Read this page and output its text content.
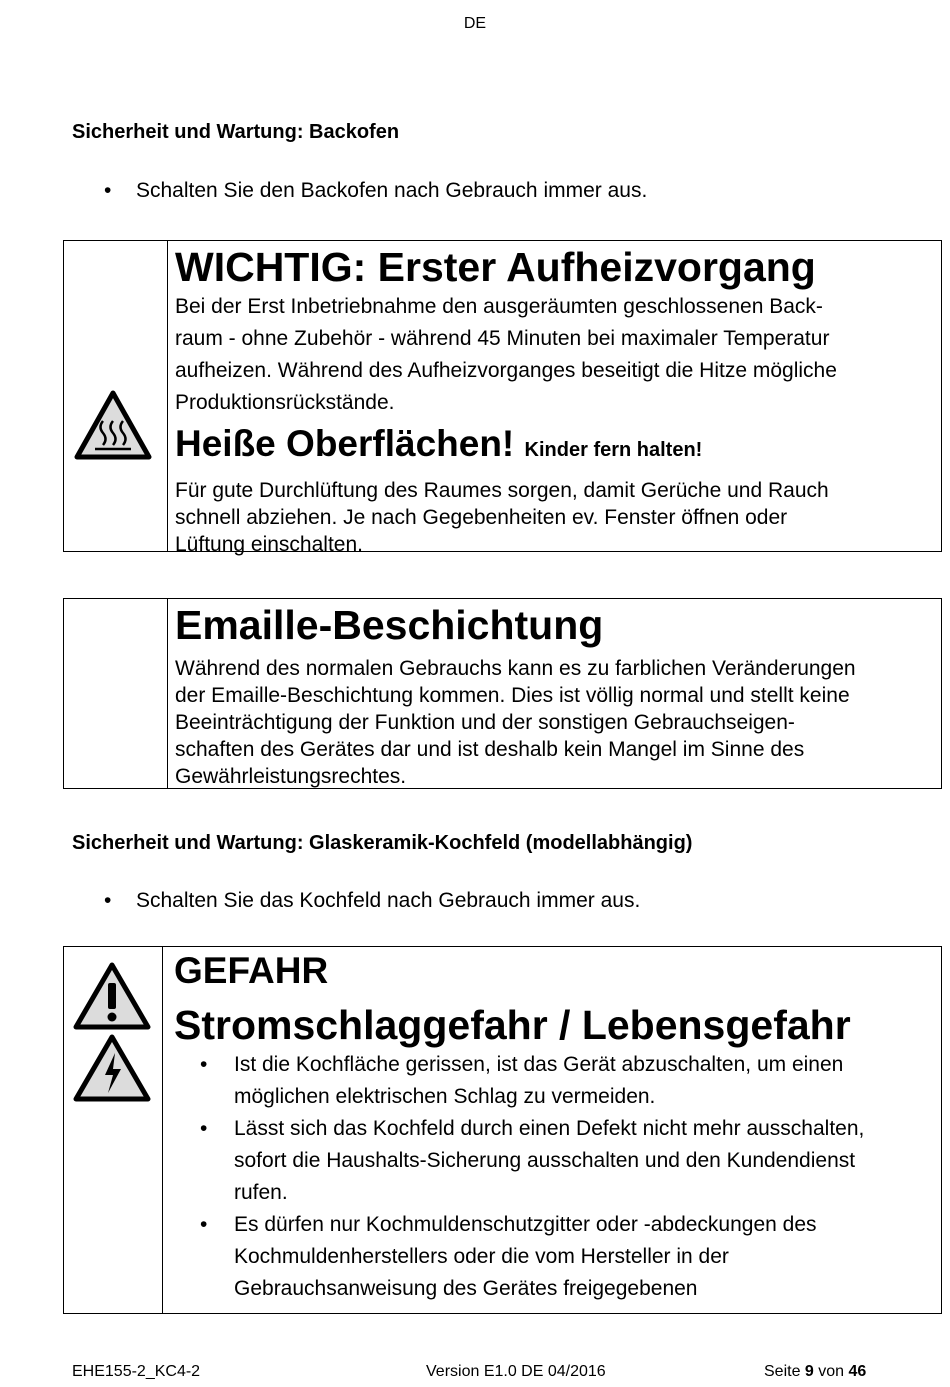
DE
Sicherheit und Wartung: Backofen
• Schalten Sie den Backofen nach Gebrauch immer aus.

WICHTIG: Erster Aufheizvorgang

Bei der Erst Inbetriebnahme den ausgeräumten geschlossenen Back-

raum - ohne Zubehör - während 45 Minuten bei maximaler Temperatur

aufheizen. Während des Aufheizvorganges beseitigt die Hitze mögliche

Produktionsrückstände.

Heiße Oberflächen! Kinder fern halten!

Für gute Durchlüftung des Raumes sorgen, damit Gerüche und Rauch

schnell abziehen. Je nach Gegebenheiten ev. Fenster öffnen oder

Lüftung einschalten.

Emaille-Beschichtung

Während des normalen Gebrauchs kann es zu farblichen Veränderungen

der Emaille-Beschichtung kommen. Dies ist völlig normal und stellt keine

Beeinträchtigung der Funktion und der sonstigen Gebrauchseigen-

schaften des Gerätes dar und ist deshalb kein Mangel im Sinne des

Gewährleistungsrechtes.

Sicherheit und Wartung: Glaskeramik-Kochfeld (modellabhängig)
• Schalten Sie das Kochfeld nach Gebrauch immer aus.

GEFAHR

Stromschlaggefahr / Lebensgefahr

• Ist die Kochfläche gerissen, ist das Gerät abzuschalten, um einen
möglichen elektrischen Schlag zu vermeiden.
• Lässt sich das Kochfeld durch einen Defekt nicht mehr ausschalten,
sofort die Haushalts-Sicherung ausschalten und den Kundendienst
rufen.
• Es dürfen nur Kochmuldenschutzgitter oder -abdeckungen des
Kochmuldenherstellers oder die vom Hersteller in der
Gebrauchsanweisung des Gerätes freigegebenen
EHE155-2_KC4-2	Version E1.0 DE 04/2016	Seite 9 von 46
